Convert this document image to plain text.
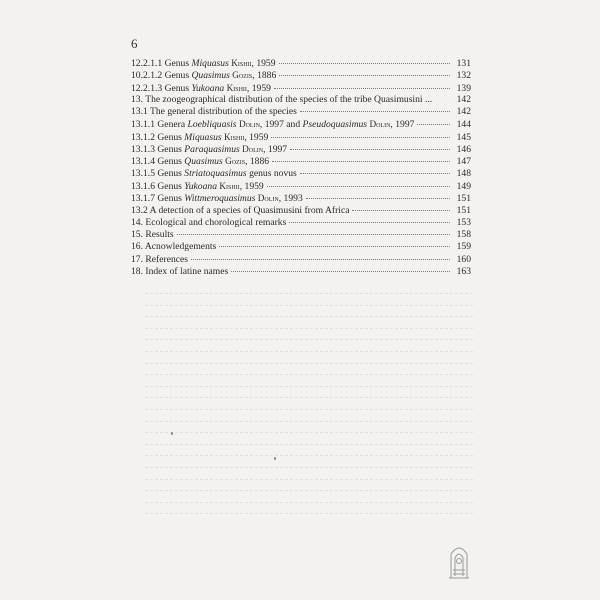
6
12.2.1.1 Genus Miquasus Kishii, 1959	131
10.2.1.2 Genus Quasimus Gozis, 1886	132
12.2.1.3 Genus Yukoana Kishii, 1959	139
13. The zoogeographical distribution of the species of the tribe Quasimusini ...	142
13.1 The general distribution of the species	142
13.1.1 Genera Loebliquasis Dolin, 1997 and Pseudoquasimus Dolin, 1997	144
13.1.2 Genus Miquasus Kishii, 1959	145
13.1.3 Genus Paraquasimus Dolin, 1997	146
13.1.4 Genus Quasimus Gozis, 1886	147
13.1.5 Genus Striatoquasimus genus novus	148
13.1.6 Genus Yukoana Kishii, 1959	149
13.1.7 Genus Wittmeroquasimus Dolin, 1993	151
13.2 A detection of a species of Quasimusini from Africa	151
14. Ecological and chorological remarks	153
15. Results	158
16. Acnowledgements	159
17. References	160
18. Index of latine names	163
